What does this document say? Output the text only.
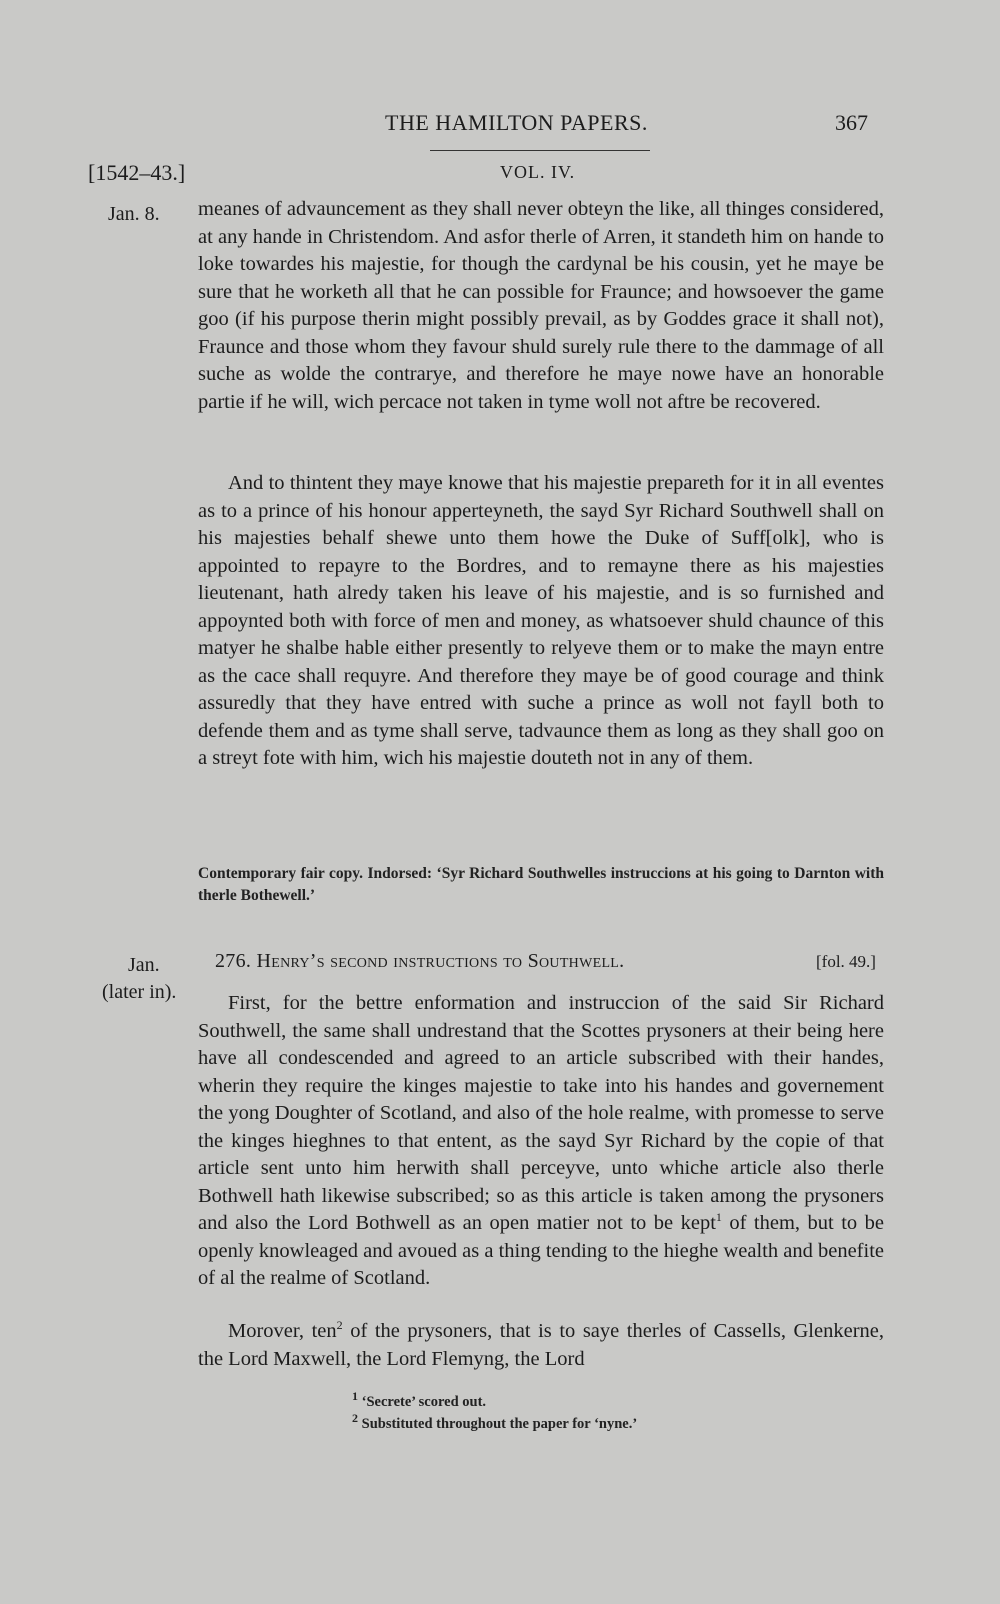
THE HAMILTON PAPERS.	367
[1542–43.]	VOL. IV.
Jan. 8. meanes of advauncement as they shall never obteyn the like, all thinges considered, at any hande in Christendom. And asfor therle of Arren, it standeth him on hande to loke towardes his majestie, for though the cardynal be his cousin, yet he maye be sure that he worketh all that he can possible for Fraunce; and howsoever the game goo (if his purpose therin might possibly prevail, as by Goddes grace it shall not), Fraunce and those whom they favour shuld surely rule there to the dammage of all suche as wolde the contrarye, and therefore he maye nowe have an honorable partie if he will, wich percace not taken in tyme woll not aftre be recovered.

And to thintent they maye knowe that his majestie prepareth for it in all eventes as to a prince of his honour apperteyneth, the sayd Syr Richard Southwell shall on his majesties behalf shewe unto them howe the Duke of Suff[olk], who is appointed to repayre to the Bordres, and to remayne there as his majesties lieutenant, hath alredy taken his leave of his majestie, and is so furnished and appoynted both with force of men and money, as whatsoever shuld chaunce of this matyer he shalbe hable either presently to relyeve them or to make the mayn entre as the cace shall requyre. And therefore they maye be of good courage and think assuredly that they have entred with suche a prince as woll not fayll both to defende them and as tyme shall serve, tadvaunce them as long as they shall goo on a streyt fote with him, wich his majestie douteth not in any of them.

Contemporary fair copy. Indorsed: ‘Syr Richard Southwelles instruccions at his going to Darnton with therle Bothewell.’

Jan.
(later in).
276. Henry’s second instructions to Southwell.	[fol. 49.]

First, for the bettre enformation and instruccion of the said Sir Richard Southwell, the same shall undrestand that the Scottes prysoners at their being here have all condescended and agreed to an article subscribed with their handes, wherin they require the kinges majestie to take into his handes and governement the yong Doughter of Scotland, and also of the hole realme, with promesse to serve the kinges hieghnes to that entent, as the sayd Syr Richard by the copie of that article sent unto him herwith shall perceyve, unto whiche article also therle Bothwell hath likewise subscribed; so as this article is taken among the prysoners and also the Lord Bothwell as an open matier not to be kept$^1$ of them, but to be openly knowleaged and avoued as a thing tending to the hieghe wealth and benefite of al the realme of Scotland.

Morover, ten$^2$ of the prysoners, that is to saye therles of Cassells, Glenkerne, the Lord Maxwell, the Lord Flemyng, the Lord

$^1$ ‘Secrete’ scored out.
$^2$ Substituted throughout the paper for ‘nyne.’
